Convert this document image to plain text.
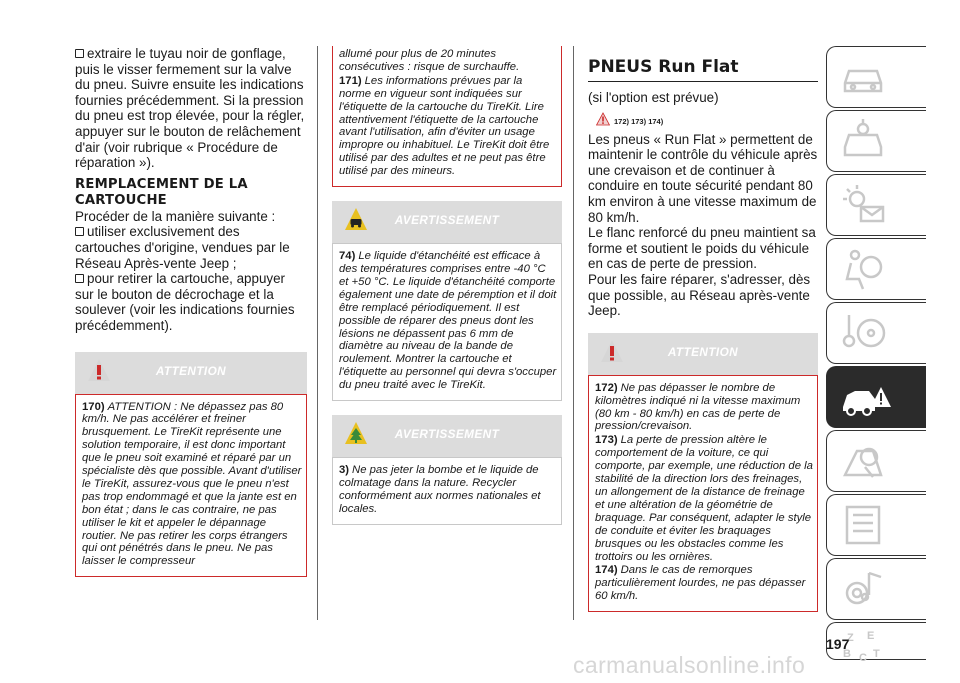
extraire le tuyau noir de gonflage, puis le visser fermement sur la valve du pneu. Suivre ensuite les indications fournies précédemment. Si la pression du pneu est trop élevée, pour la régler, appuyer sur le bouton de relâchement d'air (voir rubrique « Procédure de réparation »).

REMPLACEMENT DE LA CARTOUCHE

Procéder de la manière suivante :

utiliser exclusivement des cartouches d'origine, vendues par le Réseau Après-vente Jeep ;

pour retirer la cartouche, appuyer sur le bouton de décrochage et la soulever (voir les indications fournies précédemment).

ATTENTION

170) ATTENTION : Ne dépassez pas 80 km/h. Ne pas accélérer et freiner brusquement. Le TireKit représente une solution temporaire, il est donc important que le pneu soit examiné et réparé par un spécialiste dès que possible. Avant d'utiliser le TireKit, assurez-vous que le pneu n'est pas trop endommagé et que la jante est en bon état ; dans le cas contraire, ne pas utiliser le kit et appeler le dépannage routier. Ne pas retirer les corps étrangers qui ont pénétrés dans le pneu. Ne pas laisser le compresseur

allumé pour plus de 20 minutes consécutives : risque de surchauffe.

171) Les informations prévues par la norme en vigueur sont indiquées sur l'étiquette de la cartouche du TireKit. Lire attentivement l'étiquette de la cartouche avant l'utilisation, afin d'éviter un usage impropre ou inhabituel. Le TireKit doit être utilisé par des adultes et ne peut pas être utilisé par des mineurs.

AVERTISSEMENT

74) Le liquide d'étanchéité est efficace à des températures comprises entre -40 °C et +50 °C. Le liquide d'étanchéité comporte également une date de péremption et il doit être remplacé périodiquement. Il est possible de réparer des pneus dont les lésions ne dépassent pas 6 mm de diamètre au niveau de la bande de roulement. Montrer la cartouche et l'étiquette au personnel qui devra s'occuper du pneu traité avec le TireKit.

AVERTISSEMENT

3) Ne pas jeter la bombe et le liquide de colmatage dans la nature. Recycler conformément aux normes nationales et locales.

PNEUS Run Flat

(si l'option est prévue)

172) 173) 174)

Les pneus « Run Flat » permettent de maintenir le contrôle du véhicule après une crevaison et de continuer à conduire en toute sécurité pendant 80 km environ à une vitesse maximum de 80 km/h.

Le flanc renforcé du pneu maintient sa forme et soutient le poids du véhicule en cas de perte de pression.

Pour les faire réparer, s'adresser, dès que possible, au Réseau après-vente Jeep.

ATTENTION

172) Ne pas dépasser le nombre de kilomètres indiqué ni la vitesse maximum (80 km - 80 km/h) en cas de perte de pression/crevaison.

173) La perte de pression altère le comportement de la voiture, ce qui comporte, par exemple, une réduction de la stabilité de la direction lors des freinages, un allongement de la distance de freinage et une altération de la géométrie de braquage. Par conséquent, adapter le style de conduite et éviter les braquages brusques ou les obstacles comme les trottoirs ou les ornières.

174) Dans le cas de remorques particulièrement lourdes, ne pas dépasser 60 km/h.

Z E
B C T
197
carmanualsonline.info
